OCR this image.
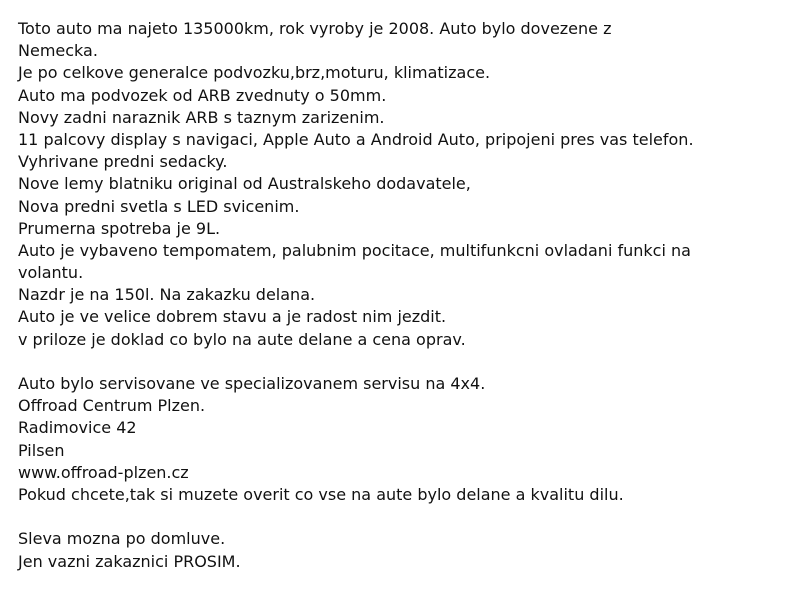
Toto auto ma najeto 135000km, rok vyroby je 2008. Auto bylo dovezene z

Nemecka.

Je po celkove generalce podvozku,brz,moturu, klimatizace.

Auto ma podvozek od ARB zvednuty o 50mm.

Novy zadni naraznik ARB s taznym zarizenim.

11 palcovy display s navigaci, Apple Auto a Android Auto, pripojeni pres vas telefon.

Vyhrivane predni sedacky.

Nove lemy blatniku original od Australskeho dodavatele,

Nova predni svetla s LED svicenim.

Prumerna spotreba je 9L.

Auto je vybaveno tempomatem, palubnim pocitace, multifunkcni ovladani funkci na

volantu.

Nazdr je na 150l. Na zakazku delana.

Auto je ve velice dobrem stavu a je radost nim jezdit.

v priloze je doklad co bylo na aute delane a cena oprav.

Auto bylo servisovane ve specializovanem servisu na 4x4.

Offroad Centrum Plzen.

Radimovice 42

Pilsen

www.offroad-plzen.cz

Pokud chcete,tak si muzete overit co vse na aute bylo delane a kvalitu dilu.

Sleva mozna po domluve.

Jen vazni zakaznici PROSIM.
